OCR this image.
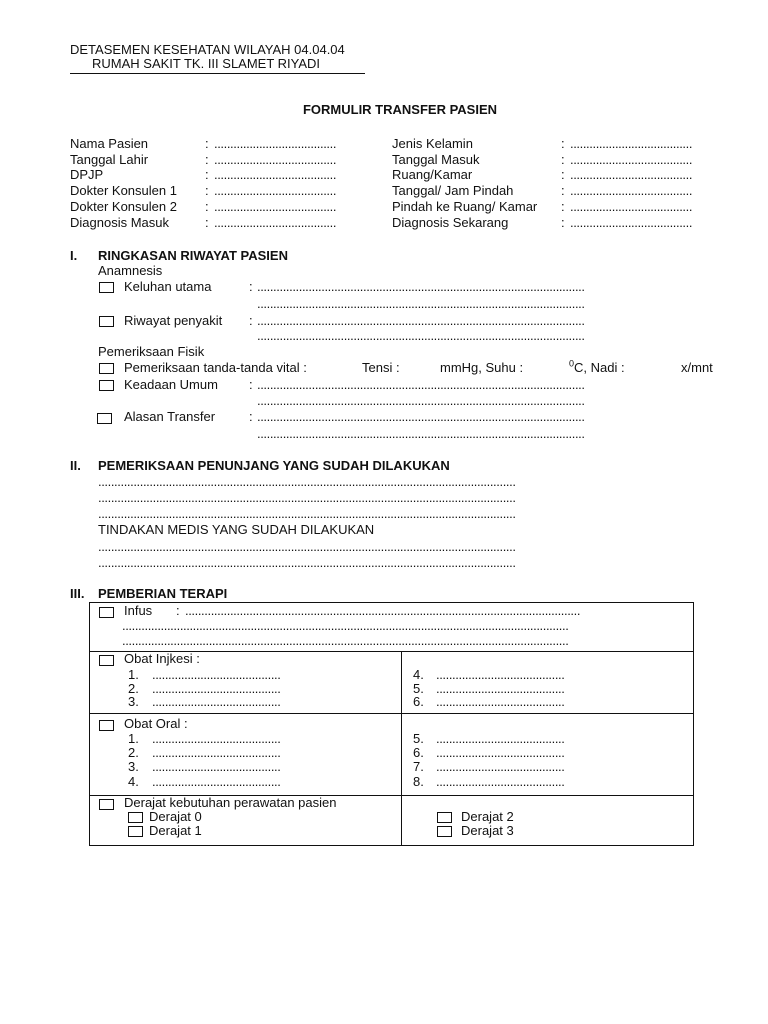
DETASEMEN KESEHATAN WILAYAH 04.04.04
RUMAH SAKIT TK. III SLAMET RIYADI
FORMULIR TRANSFER PASIEN
Nama Pasien	: ......................................
Tanggal Lahir	: ......................................
DPJP	: ......................................
Dokter Konsulen 1 : ......................................
Dokter Konsulen 2 : ......................................
Diagnosis Masuk	: ......................................
Jenis Kelamin	: ......................................
Tanggal Masuk	: ......................................
Ruang/Kamar	: ......................................
Tanggal/ Jam Pindah	: ......................................
Pindah ke Ruang/ Kamar : ......................................
Diagnosis Sekarang	: ......................................
I. RINGKASAN RIWAYAT PASIEN
Anamnesis
Keluhan utama	: ......................................................................................................
......................................................................................................
Riwayat penyakit : ......................................................................................................
......................................................................................................
Pemeriksaan Fisik
Pemeriksaan tanda-tanda vital :	Tensi :	mmHg, Suhu :	$^0$C, Nadi :	x/mnt
Keadaan Umum : ......................................................................................................
......................................................................................................
Alasan Transfer	: ......................................................................................................
......................................................................................................
II. PEMERIKSAAN PENUNJANG YANG SUDAH DILAKUKAN
..................................................................................................................................
..................................................................................................................................
..................................................................................................................................
TINDAKAN MEDIS YANG SUDAH DILAKUKAN
..................................................................................................................................
..................................................................................................................................
III. PEMBERIAN TERAPI
Infus : ...........................................................................................................................
...........................................................................................................................................
...........................................................................................................................................
Obat Injkesi :
1. ........................................
2. ........................................
3. ........................................
4. ........................................
5. ........................................
6. ........................................
Obat Oral :
1. ........................................
2. ........................................
3. ........................................
4. ........................................
5. ........................................
6. ........................................
7. ........................................
8. ........................................
Derajat kebutuhan perawatan pasien
Derajat 0
Derajat 1
Derajat 2
Derajat 3
